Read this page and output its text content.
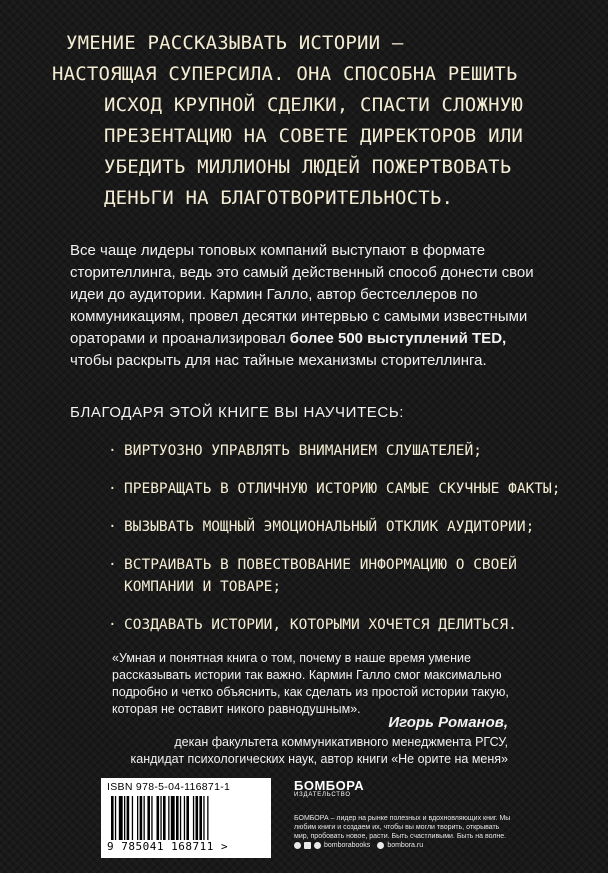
УМЕНИЕ РАССКАЗЫВАТЬ ИСТОРИИ –
НАСТОЯЩАЯ СУПЕРСИЛА. ОНА СПОСОБНА РЕШИТЬ
ИСХОД КРУПНОЙ СДЕЛКИ, СПАСТИ СЛОЖНУЮ
ПРЕЗЕНТАЦИЮ НА СОВЕТЕ ДИРЕКТОРОВ ИЛИ
УБЕДИТЬ МИЛЛИОНЫ ЛЮДЕЙ ПОЖЕРТВОВАТЬ
ДЕНЬГИ НА БЛАГОТВОРИТЕЛЬНОСТЬ.
Все чаще лидеры топовых компаний выступают в формате сторителлинга, ведь это самый действенный способ донести свои идеи до аудитории. Кармин Галло, автор бестселлеров по коммуникациям, провел десятки интервью с самыми известными ораторами и проанализировал более 500 выступлений TED, чтобы раскрыть для нас тайные механизмы сторителлинга.
БЛАГОДАРЯ ЭТОЙ КНИГЕ ВЫ НАУЧИТЕСЬ:
· ВИРТУОЗНО УПРАВЛЯТЬ ВНИМАНИЕМ СЛУШАТЕЛЕЙ;
· ПРЕВРАЩАТЬ В ОТЛИЧНУЮ ИСТОРИЮ САМЫЕ СКУЧНЫЕ ФАКТЫ;
· ВЫЗЫВАТЬ МОЩНЫЙ ЭМОЦИОНАЛЬНЫЙ ОТКЛИК АУДИТОРИИ;
· ВСТРАИВАТЬ В ПОВЕСТВОВАНИЕ ИНФОРМАЦИЮ О СВОЕЙ КОМПАНИИ И ТОВАРЕ;
· СОЗДАВАТЬ ИСТОРИИ, КОТОРЫМИ ХОЧЕТСЯ ДЕЛИТЬСЯ.
«Умная и понятная книга о том, почему в наше время умение рассказывать истории так важно. Кармин Галло смог максимально подробно и четко объяснить, как сделать из простой истории такую, которая не оставит никого равнодушным».
Игорь Романов,
декан факультета коммуникативного менеджмента РГСУ, кандидат психологических наук, автор книги «Не орите на меня»
ISBN 978-5-04-116871-1
9 785041 168711 >
БОМБОРА
ИЗДАТЕЛЬСТВО
БОМБОРА – лидер на рынке полезных и вдохновляющих книг. Мы любим книги и создаем их, чтобы вы могли творить, открывать мир, пробовать новое, расти. Быть счастливыми. Быть на волне.
bomborabooks bombora.ru
